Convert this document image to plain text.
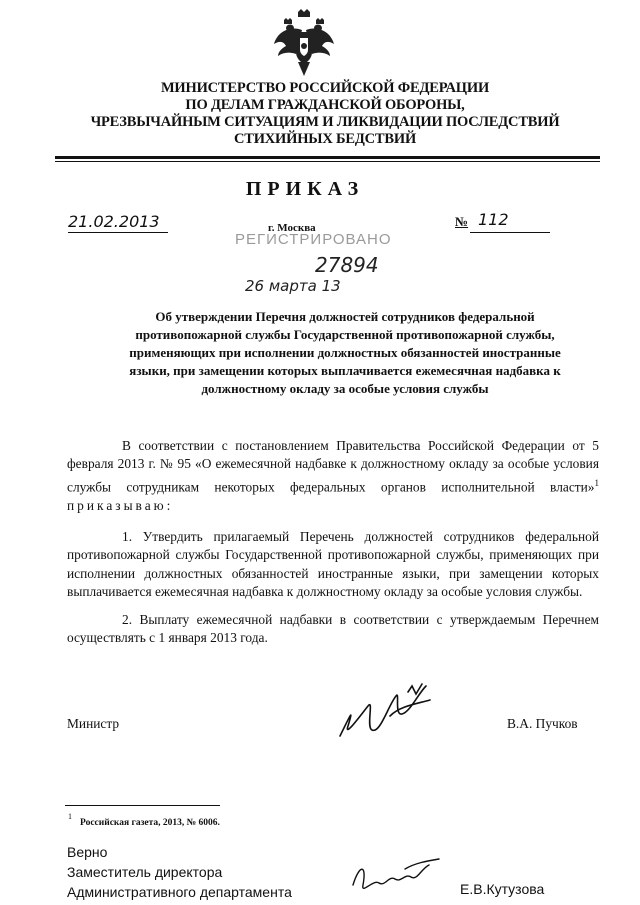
МИНИСТЕРСТВО РОССИЙСКОЙ ФЕДЕРАЦИИ
ПО ДЕЛАМ ГРАЖДАНСКОЙ ОБОРОНЫ,
ЧРЕЗВЫЧАЙНЫМ СИТУАЦИЯМ И ЛИКВИДАЦИИ ПОСЛЕДСТВИЙ
СТИХИЙНЫХ БЕДСТВИЙ
ПРИКАЗ
21.02.2013
РЕГИСТРИРОВАНО
27894
26 марта 13
г. Москва	№ 112
Об утверждении Перечня должностей сотрудников федеральной
противопожарной службы Государственной противопожарной службы,
применяющих при исполнении должностных обязанностей иностранные
языки, при замещении которых выплачивается ежемесячная надбавка к
должностному окладу за особые условия службы
В соответствии с постановлением Правительства Российской Федерации от 5 февраля 2013 г. № 95 «О ежемесячной надбавке к должностному окладу за особые условия службы сотрудникам некоторых федеральных органов исполнительной власти»$^1$ приказываю:
1. Утвердить прилагаемый Перечень должностей сотрудников федеральной противопожарной службы Государственной противопожарной службы, применяющих при исполнении должностных обязанностей иностранные языки, при замещении которых выплачивается ежемесячная надбавка к должностному окладу за особые условия службы.
2. Выплату ежемесячной надбавки в соответствии с утверждаемым Перечнем осуществлять с 1 января 2013 года.
Министр	В.А. Пучков
1
Российская газета, 2013, № 6006.
Верно
Заместитель директора
Административного департамента	Е.В.Кутузова
